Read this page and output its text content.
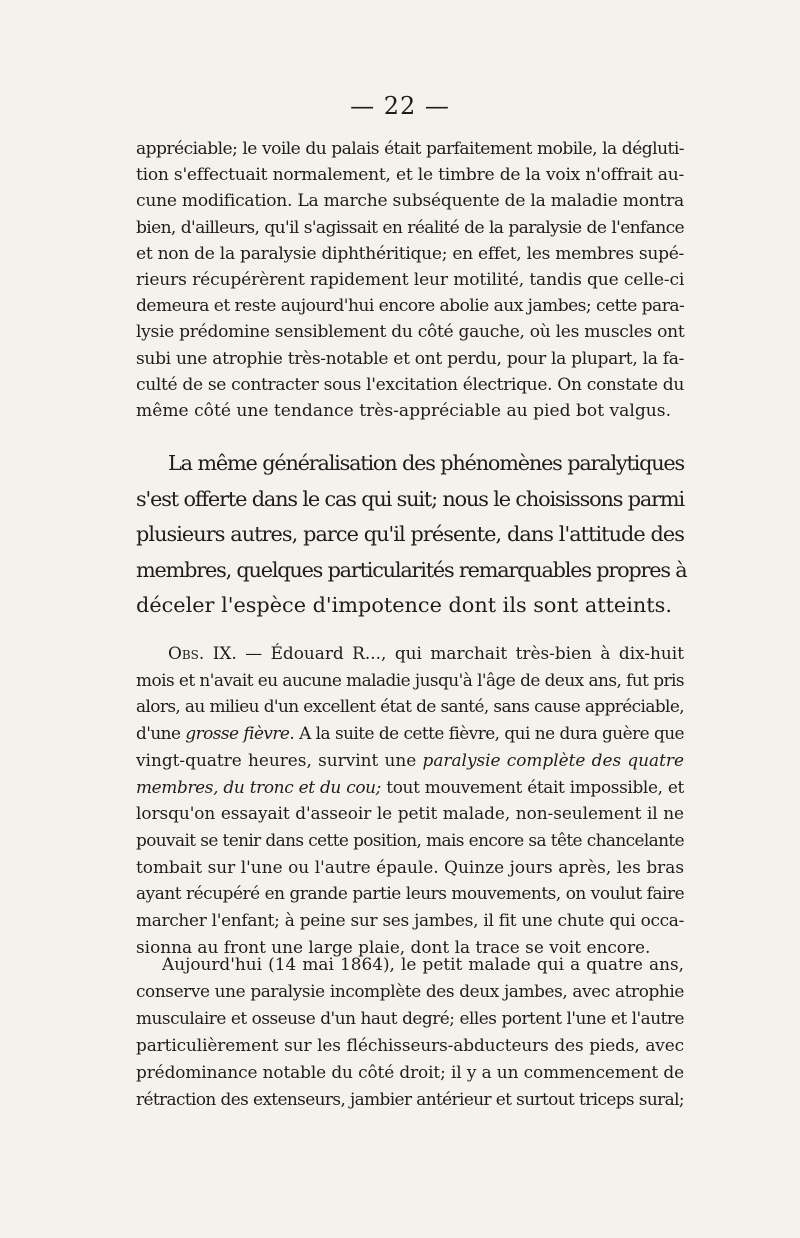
— 22 —
appréciable; le voile du palais était parfaitement mobile, la dégluti-
tion s'effectuait normalement, et le timbre de la voix n'offrait au-
cune modification. La marche subséquente de la maladie montra
bien, d'ailleurs, qu'il s'agissait en réalité de la paralysie de l'enfance
et non de la paralysie diphthéritique; en effet, les membres supé-
rieurs récupérèrent rapidement leur motilité, tandis que celle-ci
demeura et reste aujourd'hui encore abolie aux jambes; cette para-
lysie prédomine sensiblement du côté gauche, où les muscles ont
subi une atrophie très-notable et ont perdu, pour la plupart, la fa-
culté de se contracter sous l'excitation électrique. On constate du
même côté une tendance très-appréciable au pied bot valgus.
La même généralisation des phénomènes paralytiques
s'est offerte dans le cas qui suit; nous le choisissons parmi
plusieurs autres, parce qu'il présente, dans l'attitude des
membres, quelques particularités remarquables propres à
déceler l'espèce d'impotence dont ils sont atteints.
Obs. IX. — Édouard R..., qui marchait très-bien à dix-huit
mois et n'avait eu aucune maladie jusqu'à l'âge de deux ans, fut pris
alors, au milieu d'un excellent état de santé, sans cause appréciable,
d'une grosse fièvre. A la suite de cette fièvre, qui ne dura guère que
vingt-quatre heures, survint une paralysie complète des quatre
membres, du tronc et du cou; tout mouvement était impossible, et
lorsqu'on essayait d'asseoir le petit malade, non-seulement il ne
pouvait se tenir dans cette position, mais encore sa tête chancelante
tombait sur l'une ou l'autre épaule. Quinze jours après, les bras
ayant récupéré en grande partie leurs mouvements, on voulut faire
marcher l'enfant; à peine sur ses jambes, il fit une chute qui occa-
sionna au front une large plaie, dont la trace se voit encore.
Aujourd'hui (14 mai 1864), le petit malade qui a quatre ans,
conserve une paralysie incomplète des deux jambes, avec atrophie
musculaire et osseuse d'un haut degré; elles portent l'une et l'autre
particulièrement sur les fléchisseurs-abducteurs des pieds, avec
prédominance notable du côté droit; il y a un commencement de
rétraction des extenseurs, jambier antérieur et surtout triceps sural;
